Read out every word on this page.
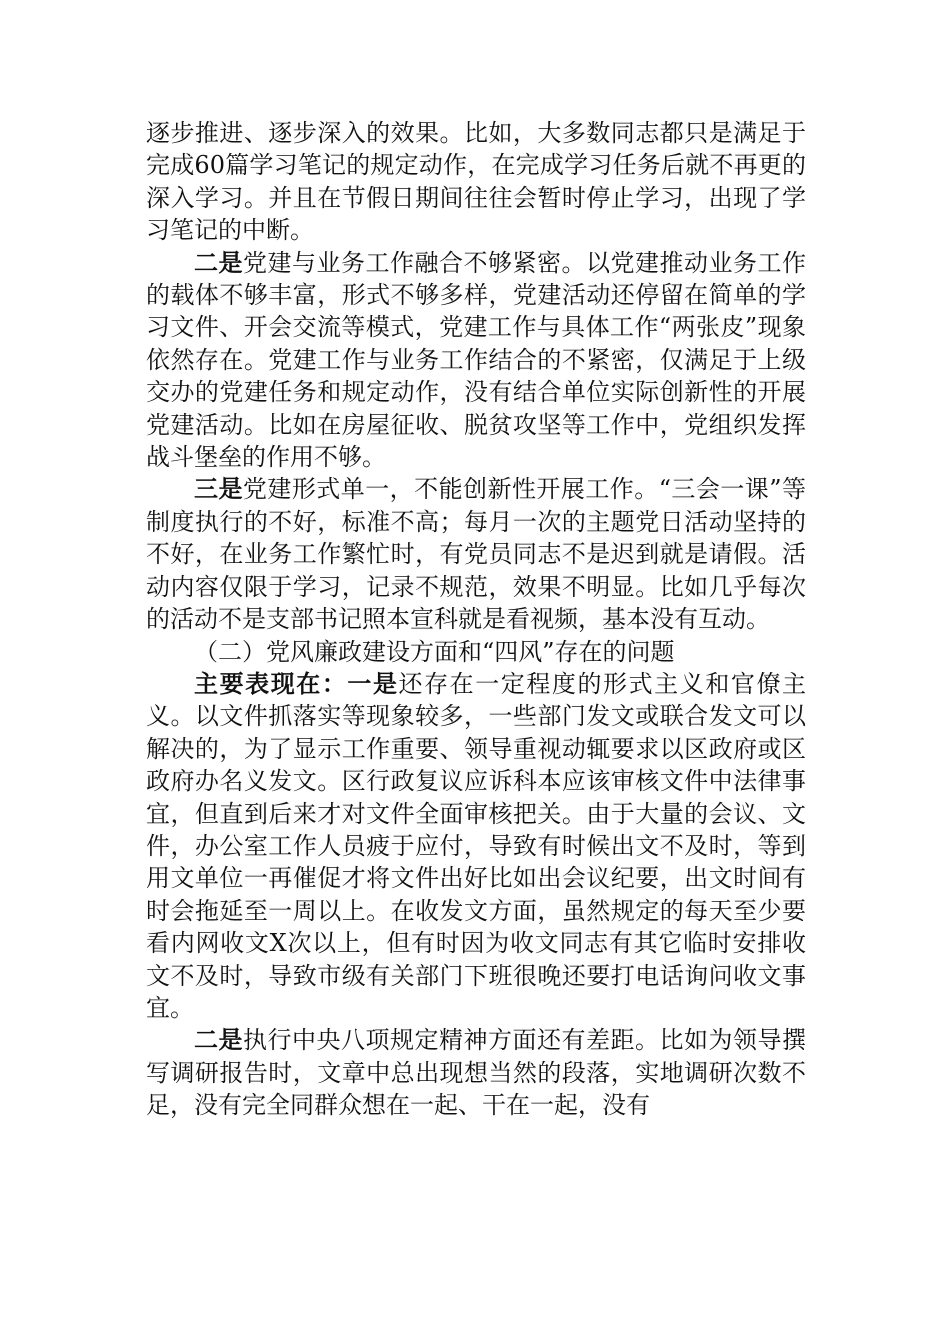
逐步推进、逐步深入的效果。比如，大多数同志都只是满足于完成60篇学习笔记的规定动作，在完成学习任务后就不再更的深入学习。并且在节假日期间往往会暂时停止学习，出现了学习笔记的中断。

二是党建与业务工作融合不够紧密。以党建推动业务工作的载体不够丰富，形式不够多样，党建活动还停留在简单的学习文件、开会交流等模式，党建工作与具体工作“两张皮”现象依然存在。党建工作与业务工作结合的不紧密，仅满足于上级交办的党建任务和规定动作，没有结合单位实际创新性的开展党建活动。比如在房屋征收、脱贫攻坚等工作中，党组织发挥战斗堡垒的作用不够。

三是党建形式单一，不能创新性开展工作。“三会一课”等制度执行的不好，标准不高；每月一次的主题党日活动坚持的不好，在业务工作繁忙时，有党员同志不是迟到就是请假。活动内容仅限于学习，记录不规范，效果不明显。比如几乎每次的活动不是支部书记照本宣科就是看视频，基本没有互动。

（二）党风廉政建设方面和“四风”存在的问题

主要表现在：一是还存在一定程度的形式主义和官僚主义。以文件抓落实等现象较多，一些部门发文或联合发文可以解决的，为了显示工作重要、领导重视动辄要求以区政府或区政府办名义发文。区行政复议应诉科本应该审核文件中法律事宜，但直到后来才对文件全面审核把关。由于大量的会议、文件，办公室工作人员疲于应付，导致有时候出文不及时，等到用文单位一再催促才将文件出好比如出会议纪要，出文时间有时会拖延至一周以上。在收发文方面，虽然规定的每天至少要看内网收文X次以上，但有时因为收文同志有其它临时安排收文不及时，导致市级有关部门下班很晚还要打电话询问收文事宜。

二是执行中央八项规定精神方面还有差距。比如为领导撰写调研报告时，文章中总出现想当然的段落，实地调研次数不足，没有完全同群众想在一起、干在一起，没有
